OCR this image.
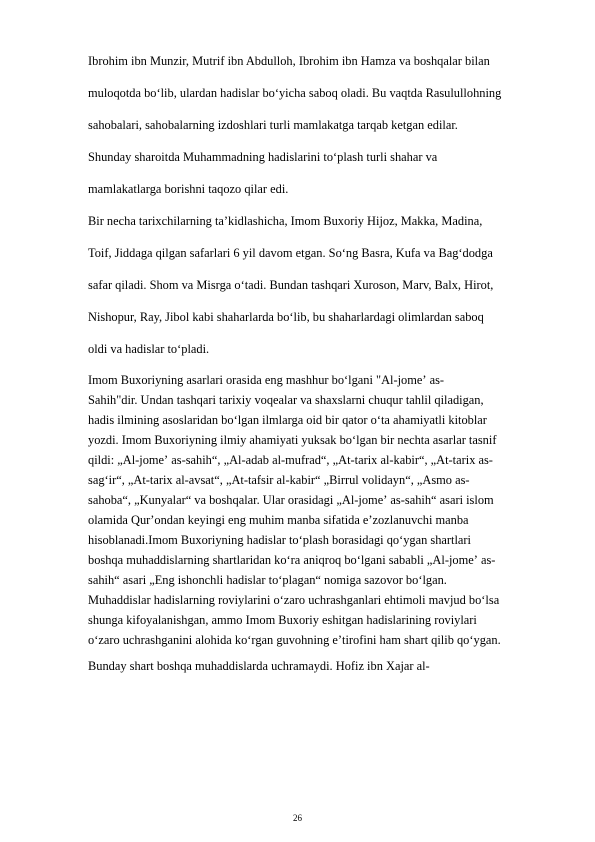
Ibrohim ibn Munzir, Mutrif ibn Abdulloh, Ibrohim ibn Hamza va boshqalar bilan
muloqotda boʻlib, ulardan hadislar boʻyicha saboq oladi. Bu vaqtda Rasulullohning
sahobalari, sahobalarning izdoshlari turli mamlakatga tarqab ketgan edilar.
Shunday sharoitda Muhammadning hadislarini toʻplash turli shahar va
mamlakatlarga borishni taqozo qilar edi.
Bir necha tarixchilarning taʼkidlashicha, Imom Buxoriy Hijoz, Makka, Madina,
Toif, Jiddaga qilgan safarlari 6 yil davom etgan. Soʻng Basra, Kufa va Bagʻdodga
safar qiladi. Shom va Misrga oʻtadi. Bundan tashqari Xuroson, Marv, Balx, Hirot,
Nishopur, Ray, Jibol kabi shaharlarda boʻlib, bu shaharlardagi olimlardan saboq
oldi va hadislar toʻpladi.
Imom Buxoriyning asarlari orasida eng mashhur boʻlgani "Al-jomeʼ as-
Sahih"dir. Undan tashqari tarixiy voqealar va shaxslarni chuqur tahlil qiladigan,
hadis ilmining asoslaridan boʻlgan ilmlarga oid bir qator oʻta ahamiyatli kitoblar
yozdi. Imom Buxoriyning ilmiy ahamiyati yuksak boʻlgan bir nechta asarlar tasnif
qildi: „Al-jomeʼ as-sahih“, „Al-adab al-mufrad“, „At-tarix al-kabir“, „At-tarix as-
sagʻir“, „At-tarix al-avsat“, „At-tafsir al-kabir“ „Birrul volidayn“, „Asmo as-
sahoba“, „Kunyalar“ va boshqalar. Ular orasidagi „Al-jomeʼ as-sahih“ asari islom
olamida Qurʼondan keyingi eng muhim manba sifatida eʼzozlanuvchi manba
hisoblanadi.Imom Buxoriyning hadislar toʻplash borasidagi qoʻygan shartlari
boshqa muhaddislarning shartlaridan koʻra aniqroq boʻlgani sababli „Al-jomeʼ as-
sahih“ asari „Eng ishonchli hadislar toʻplagan“ nomiga sazovor boʻlgan.
Muhaddislar hadislarning roviylarini oʻzaro uchrashganlari ehtimoli mavjud boʻlsa
shunga kifoyalanishgan, ammo Imom Buxoriy eshitgan hadislarining roviylari
oʻzaro uchrashganini alohida koʻrgan guvohning eʼtirofini ham shart qilib qoʻygan.
Bunday shart boshqa muhaddislarda uchramaydi. Hofiz ibn Xajar al-
26
